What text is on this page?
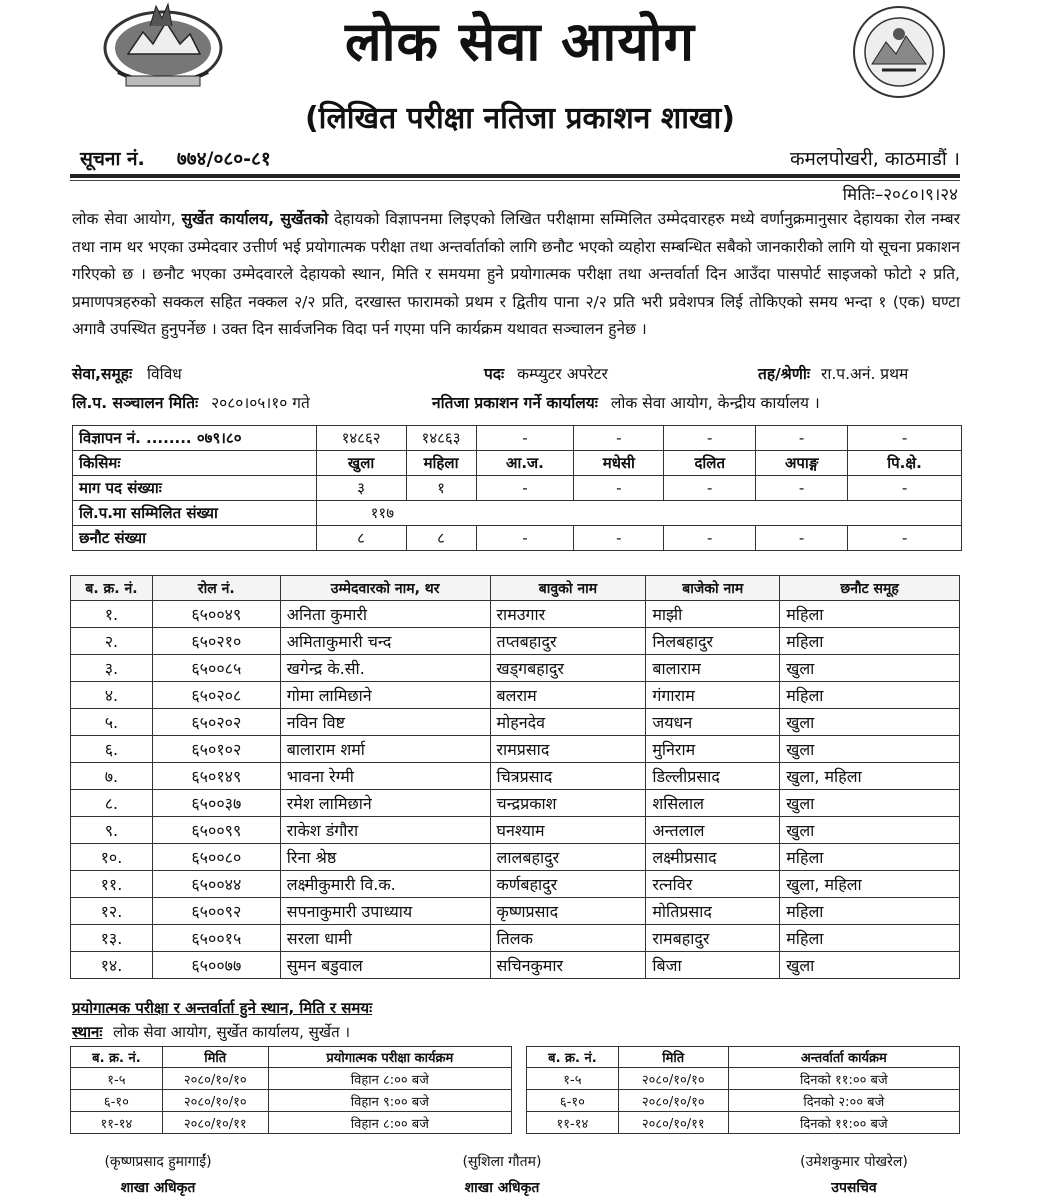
लोक सेवा आयोग
(लिखित परीक्षा नतिजा प्रकाशन शाखा)
सूचना नं. ७७४/०८०-८१	कमलपोखरी, काठमाडौं ।
मितिः–२०८०।९।२४
लोक सेवा आयोग, सुर्खेत कार्यालय, सुर्खेतको देहायको विज्ञापनमा लिइएको लिखित परीक्षामा सम्मिलित उम्मेदवारहरु मध्ये वर्णानुक्रमानुसार देहायका रोल नम्बर तथा नाम थर भएका उम्मेदवार उत्तीर्ण भई प्रयोगात्मक परीक्षा तथा अन्तर्वार्ताको लागि छनौट भएको व्यहोरा सम्बन्धित सबैको जानकारीको लागि यो सूचना प्रकाशन गरिएको छ । छनौट भएका उम्मेदवारले देहायको स्थान, मिति र समयमा हुने प्रयोगात्मक परीक्षा तथा अन्तर्वार्ता दिन आउँदा पासपोर्ट साइजको फोटो २ प्रति, प्रमाणपत्रहरुको सक्कल सहित नक्कल २/२ प्रति, दरखास्त फारामको प्रथम र द्वितीय पाना २/२ प्रति भरी प्रवेशपत्र लिई तोकिएको समय भन्दा १ (एक) घण्टा अगावै उपस्थित हुनुपर्नेछ । उक्त दिन सार्वजनिक विदा पर्न गएमा पनि कार्यक्रम यथावत सञ्चालन हुनेछ ।
सेवा,समूहः विविध	पदः कम्प्युटर अपरेटर	तह/श्रेणीः रा.प.अनं. प्रथम
लि.प. सञ्चालन मितिः २०८०।०५।१० गते	नतिजा प्रकाशन गर्ने कार्यालयः लोक सेवा आयोग, केन्द्रीय कार्यालय ।
विज्ञापन नं. ........ ०७९।८०	१४८६२	१४८६३	-	-	-	-	-
किसिमः	खुला	महिला	आ.ज.	मधेसी	दलित	अपाङ्ग	पि.क्षे.
माग पद संख्याः	३	१	-	-	-	-	-
लि.प.मा सम्मिलित संख्या	११७						
छनौट संख्या	८	८	-	-	-	-	-
ब. क्र. नं.	रोल नं.	उम्मेदवारको नाम, थर	बावुको नाम	बाजेको नाम	छनौट समूह
१.	६५००४९	अनिता कुमारी	रामउगार	माझी	महिला
२.	६५०२१०	अमिताकुमारी चन्द	तप्तबहादुर	निलबहादुर	महिला
३.	६५००८५	खगेन्द्र के.सी.	खड्गबहादुर	बालाराम	खुला
४.	६५०२०८	गोमा लामिछाने	बलराम	गंगाराम	महिला
५.	६५०२०२	नविन विष्ट	मोहनदेव	जयधन	खुला
६.	६५०१०२	बालाराम शर्मा	रामप्रसाद	मुनिराम	खुला
७.	६५०१४९	भावना रेग्मी	चित्रप्रसाद	डिल्लीप्रसाद	खुला, महिला
८.	६५००३७	रमेश लामिछाने	चन्द्रप्रकाश	शसिलाल	खुला
९.	६५००९९	राकेश डंगौरा	घनश्याम	अन्तलाल	खुला
१०.	६५००८०	रिना श्रेष्ठ	लालबहादुर	लक्ष्मीप्रसाद	महिला
११.	६५००४४	लक्ष्मीकुमारी वि.क.	कर्णबहादुर	रत्नविर	खुला, महिला
१२.	६५००९२	सपनाकुमारी उपाध्याय	कृष्णप्रसाद	मोतिप्रसाद	महिला
१३.	६५००१५	सरला धामी	तिलक	रामबहादुर	महिला
१४.	६५००७७	सुमन बडुवाल	सचिनकुमार	बिजा	खुला
प्रयोगात्मक परीक्षा र अन्तर्वार्ता हुने स्थान, मिति र समयः
स्थानः लोक सेवा आयोग, सुर्खेत कार्यालय, सुर्खेत ।
ब. क्र. नं.	मिति	प्रयोगात्मक परीक्षा कार्यक्रम
१-५	२०८०/१०/१०	विहान ८:०० बजे
६-१०	२०८०/१०/१०	विहान ९:०० बजे
११-१४	२०८०/१०/११	विहान ८:०० बजे
ब. क्र. नं.	मिति	अन्तर्वार्ता कार्यक्रम
१-५	२०८०/१०/१०	दिनको ११:०० बजे
६-१०	२०८०/१०/१०	दिनको २:०० बजे
११-१४	२०८०/१०/११	दिनको ११:०० बजे
(कृष्णप्रसाद हुमागाईं)
शाखा अधिकृत
(सुशिला गौतम)
शाखा अधिकृत
(उमेशकुमार पोखरेल)
उपसचिव
